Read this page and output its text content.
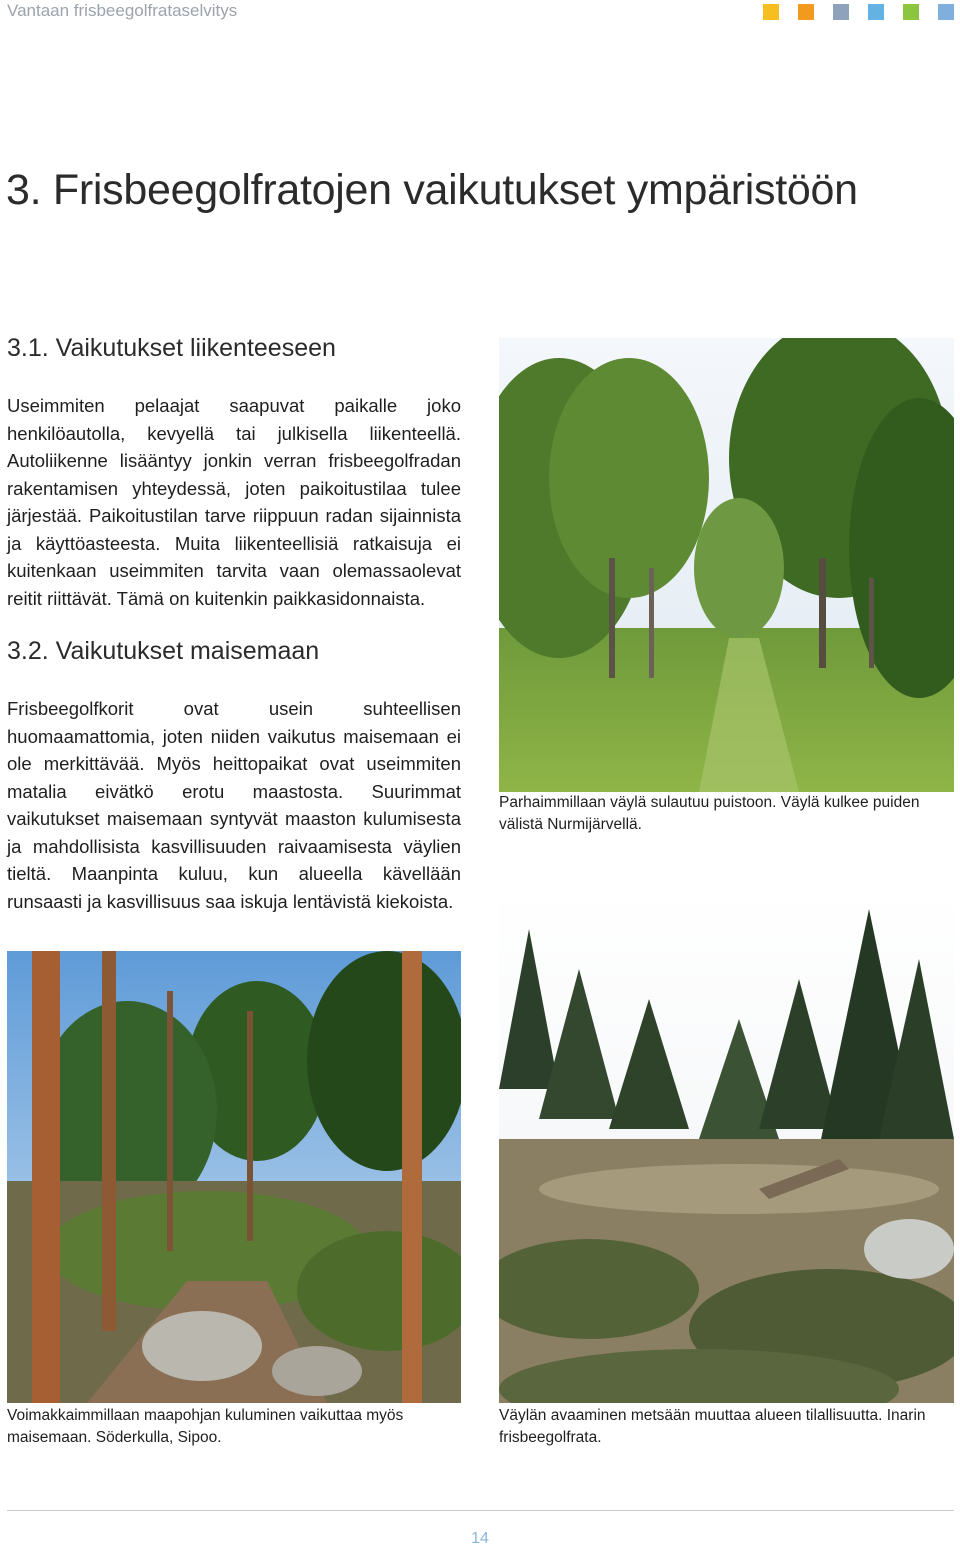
Vantaan frisbeegolfrataselvitys
3. Frisbeegolfratojen vaikutukset ympäristöön
3.1. Vaikutukset liikenteeseen

Useimmiten pelaajat saapuvat paikalle joko henkilöautolla, kevyellä tai julkisella liikenteellä. Autoliikenne lisääntyy jonkin verran frisbeegolfradan rakentamisen yhteydessä, joten paikoitustilaa tulee järjestää. Paikoitustilan tarve riippuun radan sijainnista ja käyttöasteesta. Muita liikenteellisiä ratkaisuja ei kuitenkaan useimmiten tarvita vaan olemassaolevat reitit riittävät. Tämä on kuitenkin paikkasidonnaista.

3.2. Vaikutukset maisemaan

Frisbeegolfkorit ovat usein suhteellisen huomaamattomia, joten niiden vaikutus maisemaan ei ole merkittävää. Myös heittopaikat ovat useimmiten matalia eivätkö erotu maastosta. Suurimmat vaikutukset maisemaan syntyvät maaston kulumisesta ja mahdollisista kasvillisuuden raivaamisesta väylien tieltä. Maanpinta kuluu, kun alueella kävellään runsaasti ja kasvillisuus saa iskuja lentävistä kiekoista.

Parhaimmillaan väylä sulautuu puistoon. Väylä kulkee puiden välistä Nurmijärvellä.

Voimakkaimmillaan maapohjan kuluminen vaikuttaa myös maisemaan. Söderkulla, Sipoo.

Väylän avaaminen metsään muuttaa alueen tilallisuutta. Inarin frisbeegolfrata.

14
